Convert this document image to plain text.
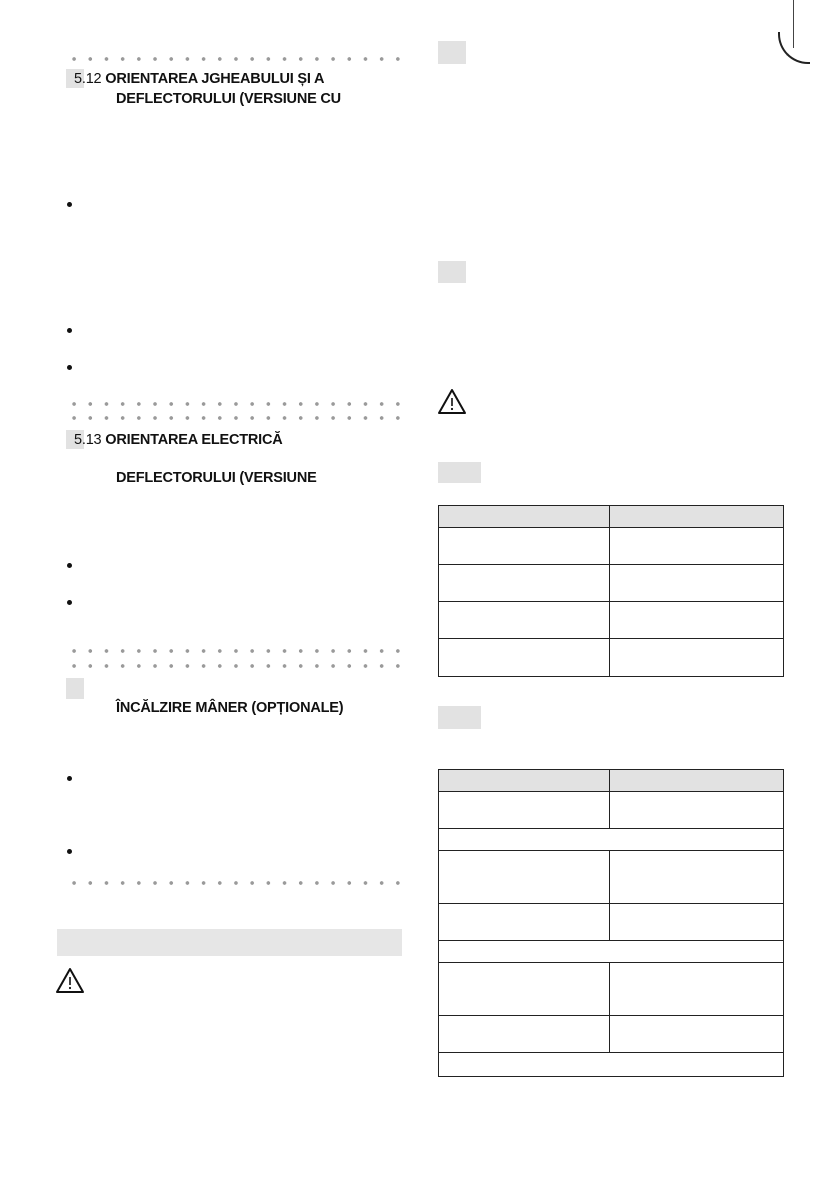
5.12 ORIENTAREA JGHEABULUI ȘI A
DEFLECTORULUI (VERSIUNE CU
5.13 ORIENTAREA ELECTRICĂ
DEFLECTORULUI (VERSIUNE
ÎNCĂLZIRE MÂNER (OPȚIONALE)
